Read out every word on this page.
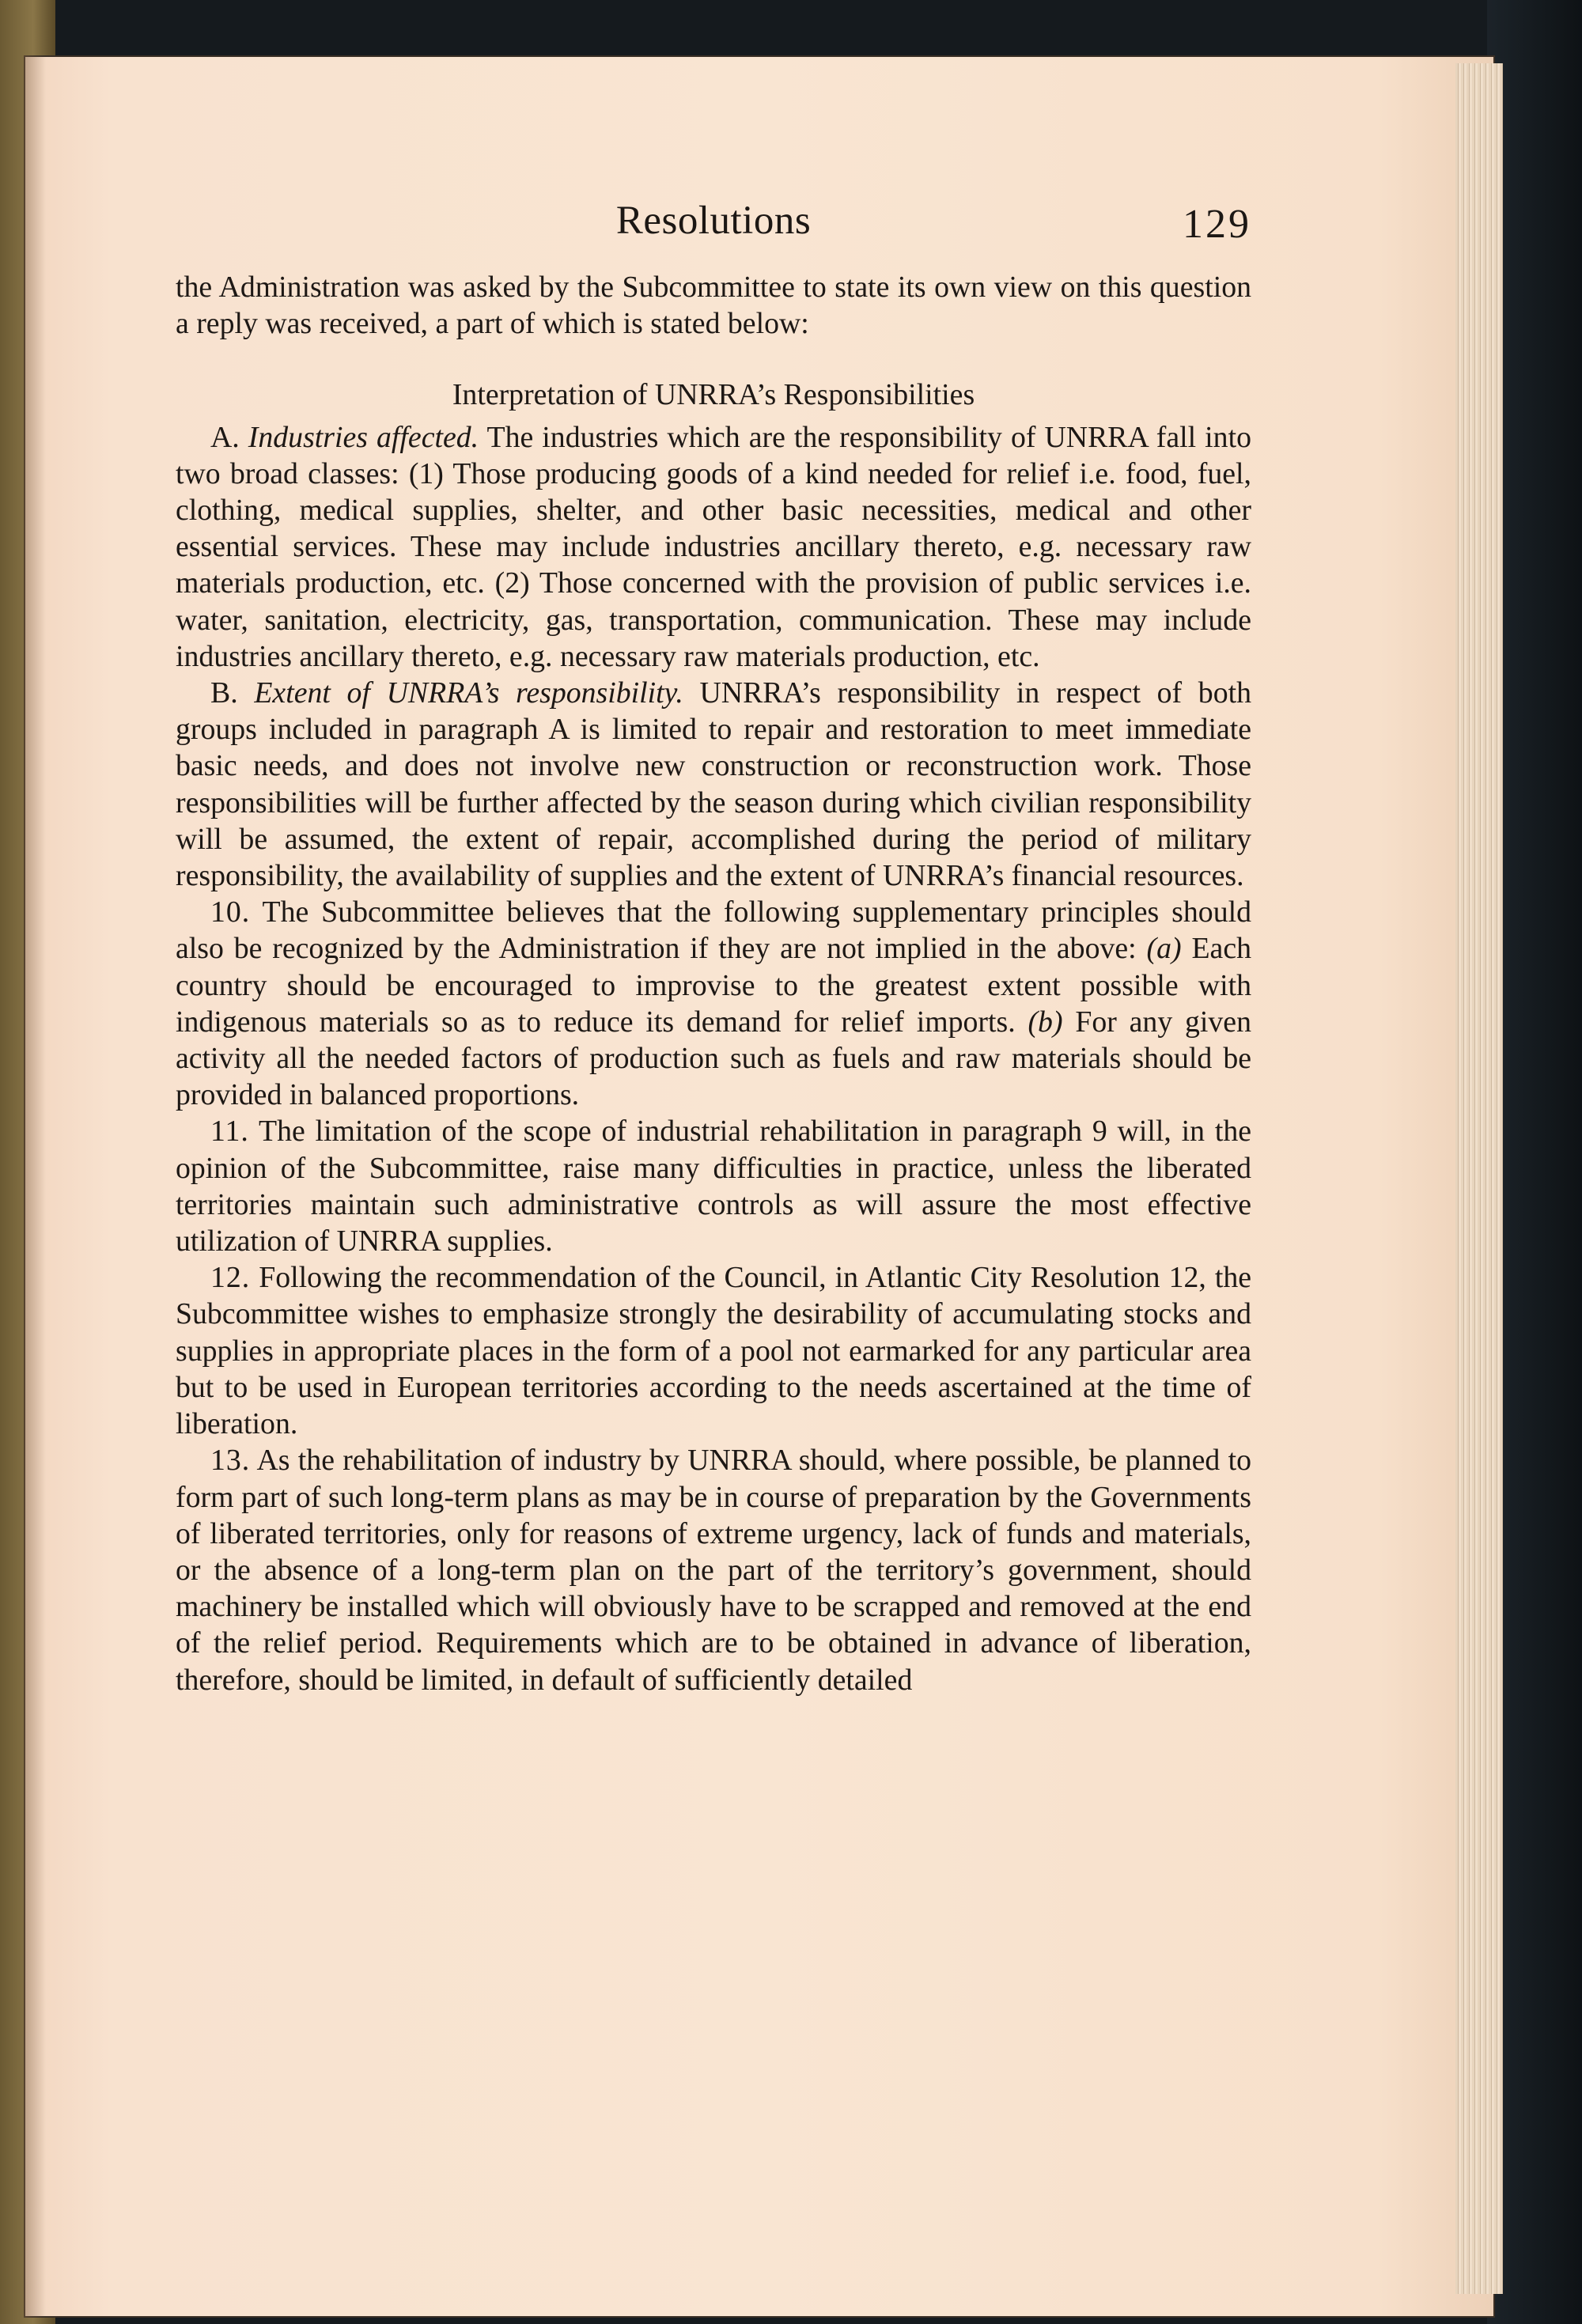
Resolutions	129

the Administration was asked by the Subcommittee to state its own view on this question a reply was received, a part of which is stated below:

Interpretation of UNRRA’s Responsibilities

A. Industries affected. The industries which are the responsibility of UNRRA fall into two broad classes: (1) Those producing goods of a kind needed for relief i.e. food, fuel, clothing, medical supplies, shelter, and other basic necessities, medical and other essential services. These may include industries ancillary thereto, e.g. necessary raw materials production, etc. (2) Those concerned with the provision of public services i.e. water, sanitation, electricity, gas, transportation, communication. These may include industries ancillary thereto, e.g. necessary raw materials production, etc.

B. Extent of UNRRA’s responsibility. UNRRA’s responsibility in respect of both groups included in paragraph A is limited to repair and restoration to meet immediate basic needs, and does not involve new construction or reconstruction work. Those responsibilities will be further affected by the season during which civilian responsibility will be assumed, the extent of repair, accomplished during the period of military responsibility, the availability of supplies and the extent of UNRRA’s financial resources.

10. The Subcommittee believes that the following supplementary principles should also be recognized by the Administration if they are not implied in the above: (a) Each country should be encouraged to improvise to the greatest extent possible with indigenous materials so as to reduce its demand for relief imports. (b) For any given activity all the needed factors of production such as fuels and raw materials should be provided in balanced proportions.

11. The limitation of the scope of industrial rehabilitation in paragraph 9 will, in the opinion of the Subcommittee, raise many difficulties in practice, unless the liberated territories maintain such administrative controls as will assure the most effective utilization of UNRRA supplies.

12. Following the recommendation of the Council, in Atlantic City Resolution 12, the Subcommittee wishes to emphasize strongly the desirability of accumulating stocks and supplies in appropriate places in the form of a pool not earmarked for any particular area but to be used in European territories according to the needs ascertained at the time of liberation.

13. As the rehabilitation of industry by UNRRA should, where possible, be planned to form part of such long-term plans as may be in course of preparation by the Governments of liberated territories, only for reasons of extreme urgency, lack of funds and materials, or the absence of a long-term plan on the part of the territory’s government, should machinery be installed which will obviously have to be scrapped and removed at the end of the relief period. Requirements which are to be obtained in advance of liberation, therefore, should be limited, in default of sufficiently detailed
